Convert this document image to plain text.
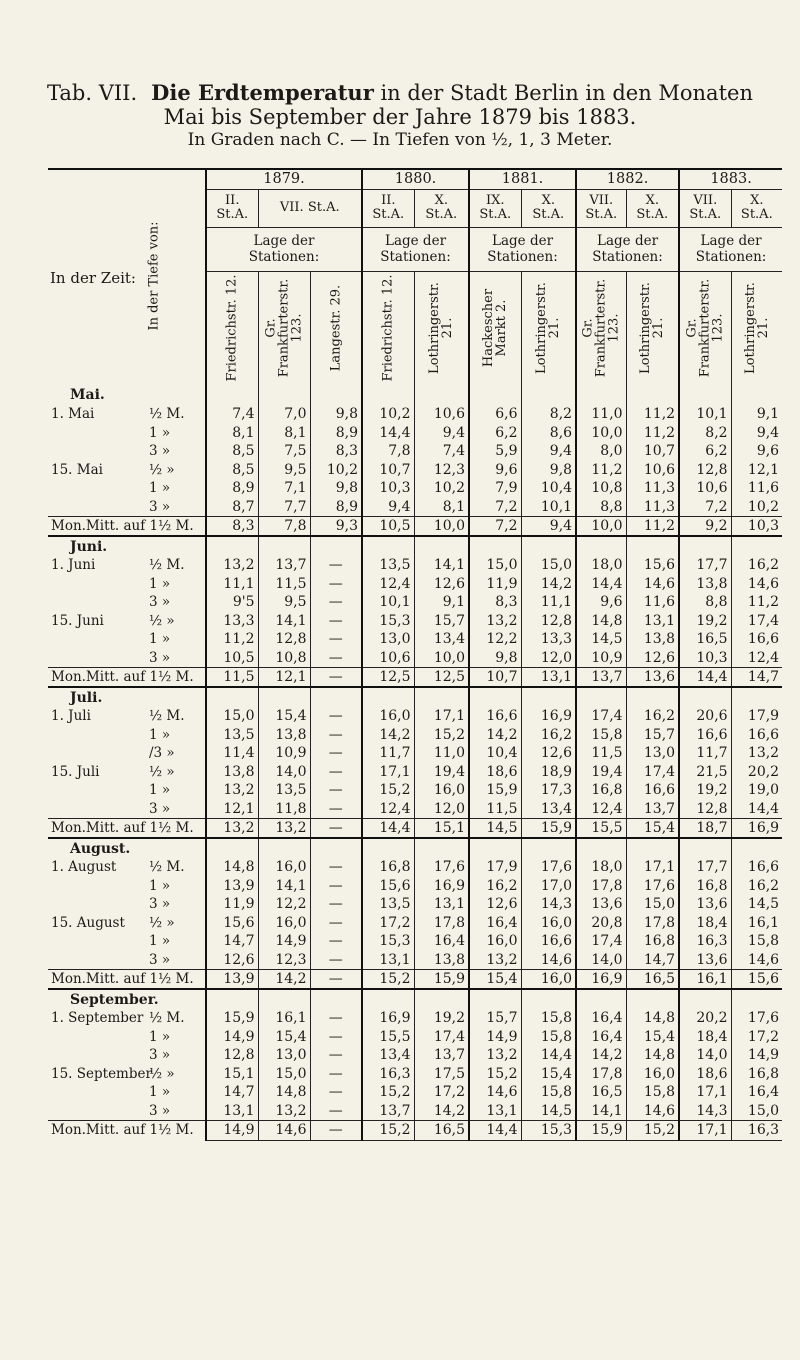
Tab. VII. Die Erdtemperatur in der Stadt Berlin in den Monaten
Mai bis September der Jahre 1879 bis 1883.
In Graden nach C. — In Tiefen von ½, 1, 3 Meter.
In der Tiefe von:
In der Zeit:	1879.			1880.		1881.		1882.		1883.	
	II. St.A.	VII. St.A.		II. St.A.	X. St.A.	IX. St.A.	X. St.A.	VII. St.A.	X. St.A.	VII. St.A.	X. St.A.
	Lage der Stationen:			Lage der Stationen:		Lage der Stationen:		Lage der Stationen:		Lage der Stationen:	

	Friedrichstr. 12.	Gr. Frankfurterstr. 123.	Langestr. 29.	Friedrichstr. 12.	Lothringerstr. 21.	Hackescher Markt 2.	Lothringerstr. 21.	Gr. Frankfurterstr. 123.	Lothringerstr. 21.	Gr. Frankfurterstr. 123.	Lothringerstr. 21.

Mai.											
1. Mai ½ M.	7,4	7,0	9,8	10,2	10,6	6,6	8,2	11,0	11,2	10,1	9,1
1 »	8,1	8,1	8,9	14,4	9,4	6,2	8,6	10,0	11,2	8,2	9,4
3 »	8,5	7,5	8,3	7,8	7,4	5,9	9,4	8,0	10,7	6,2	9,6
15. Mai ½ »	8,5	9,5	10,2	10,7	12,3	9,6	9,8	11,2	10,6	12,8	12,1
1 »	8,9	7,1	9,8	10,3	10,2	7,9	10,4	10,8	11,3	10,6	11,6
3 »	8,7	7,7	8,9	9,4	8,1	7,2	10,1	8,8	11,3	7,2	10,2
Mon.Mitt. auf 1½ M.	8,3	7,8	9,3	10,5	10,0	7,2	9,4	10,0	11,2	9,2	10,3
Juni.											
1. Juni ½ M.	13,2	13,7	—	13,5	14,1	15,0	15,0	18,0	15,6	17,7	16,2
1 »	11,1	11,5	—	12,4	12,6	11,9	14,2	14,4	14,6	13,8	14,6
3 »	9'5	9,5	—	10,1	9,1	8,3	11,1	9,6	11,6	8,8	11,2
15. Juni ½ »	13,3	14,1	—	15,3	15,7	13,2	12,8	14,8	13,1	19,2	17,4
1 »	11,2	12,8	—	13,0	13,4	12,2	13,3	14,5	13,8	16,5	16,6
3 »	10,5	10,8	—	10,6	10,0	9,8	12,0	10,9	12,6	10,3	12,4
Mon.Mitt. auf 1½ M.	11,5	12,1	—	12,5	12,5	10,7	13,1	13,7	13,6	14,4	14,7
Juli.											
1. Juli ½ M.	15,0	15,4	—	16,0	17,1	16,6	16,9	17,4	16,2	20,6	17,9
1 »	13,5	13,8	—	14,2	15,2	14,2	16,2	15,8	15,7	16,6	16,6
/3 »	11,4	10,9	—	11,7	11,0	10,4	12,6	11,5	13,0	11,7	13,2
15. Juli ½ »	13,8	14,0	—	17,1	19,4	18,6	18,9	19,4	17,4	21,5	20,2
1 »	13,2	13,5	—	15,2	16,0	15,9	17,3	16,8	16,6	19,2	19,0
3 »	12,1	11,8	—	12,4	12,0	11,5	13,4	12,4	13,7	12,8	14,4
Mon.Mitt. auf 1½ M.	13,2	13,2	—	14,4	15,1	14,5	15,9	15,5	15,4	18,7	16,9
August.											
1. August ½ M.	14,8	16,0	—	16,8	17,6	17,9	17,6	18,0	17,1	17,7	16,6
1 »	13,9	14,1	—	15,6	16,9	16,2	17,0	17,8	17,6	16,8	16,2
3 »	11,9	12,2	—	13,5	13,1	12,6	14,3	13,6	15,0	13,6	14,5
15. August ½ »	15,6	16,0	—	17,2	17,8	16,4	16,0	20,8	17,8	18,4	16,1
1 »	14,7	14,9	—	15,3	16,4	16,0	16,6	17,4	16,8	16,3	15,8
3 »	12,6	12,3	—	13,1	13,8	13,2	14,6	14,0	14,7	13,6	14,6
Mon.Mitt. auf 1½ M.	13,9	14,2	—	15,2	15,9	15,4	16,0	16,9	16,5	16,1	15,6
September.											
1. September ½ M.	15,9	16,1	—	16,9	19,2	15,7	15,8	16,4	14,8	20,2	17,6
1 »	14,9	15,4	—	15,5	17,4	14,9	15,8	16,4	15,4	18,4	17,2
3 »	12,8	13,0	—	13,4	13,7	13,2	14,4	14,2	14,8	14,0	14,9
15. September½ »	15,1	15,0	—	16,3	17,5	15,2	15,4	17,8	16,0	18,6	16,8
1 »	14,7	14,8	—	15,2	17,2	14,6	15,8	16,5	15,8	17,1	16,4
3 »	13,1	13,2	—	13,7	14,2	13,1	14,5	14,1	14,6	14,3	15,0
Mon.Mitt. auf 1½ M.	14,9	14,6	—	15,2	16,5	14,4	15,3	15,9	15,2	17,1	16,3
